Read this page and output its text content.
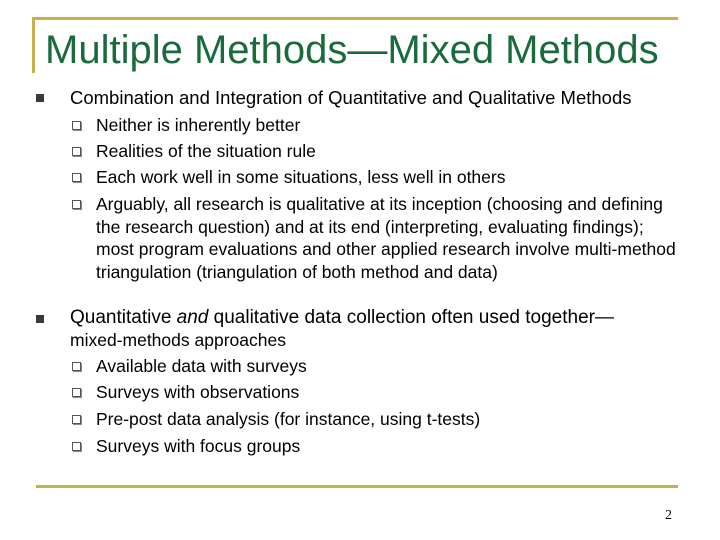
Multiple Methods—Mixed Methods
Combination and Integration of Quantitative and Qualitative Methods
Neither is inherently better
Realities of the situation rule
Each work well in some situations, less well in others
Arguably, all research is qualitative at its inception (choosing and defining the research question) and at its end (interpreting, evaluating findings); most program evaluations and other applied research involve multi-method triangulation (triangulation of both method and data)
Quantitative and qualitative data collection often used together—
mixed-methods approaches
Available data with surveys
Surveys with observations
Pre-post data analysis (for instance, using t-tests)
Surveys with focus groups
2
